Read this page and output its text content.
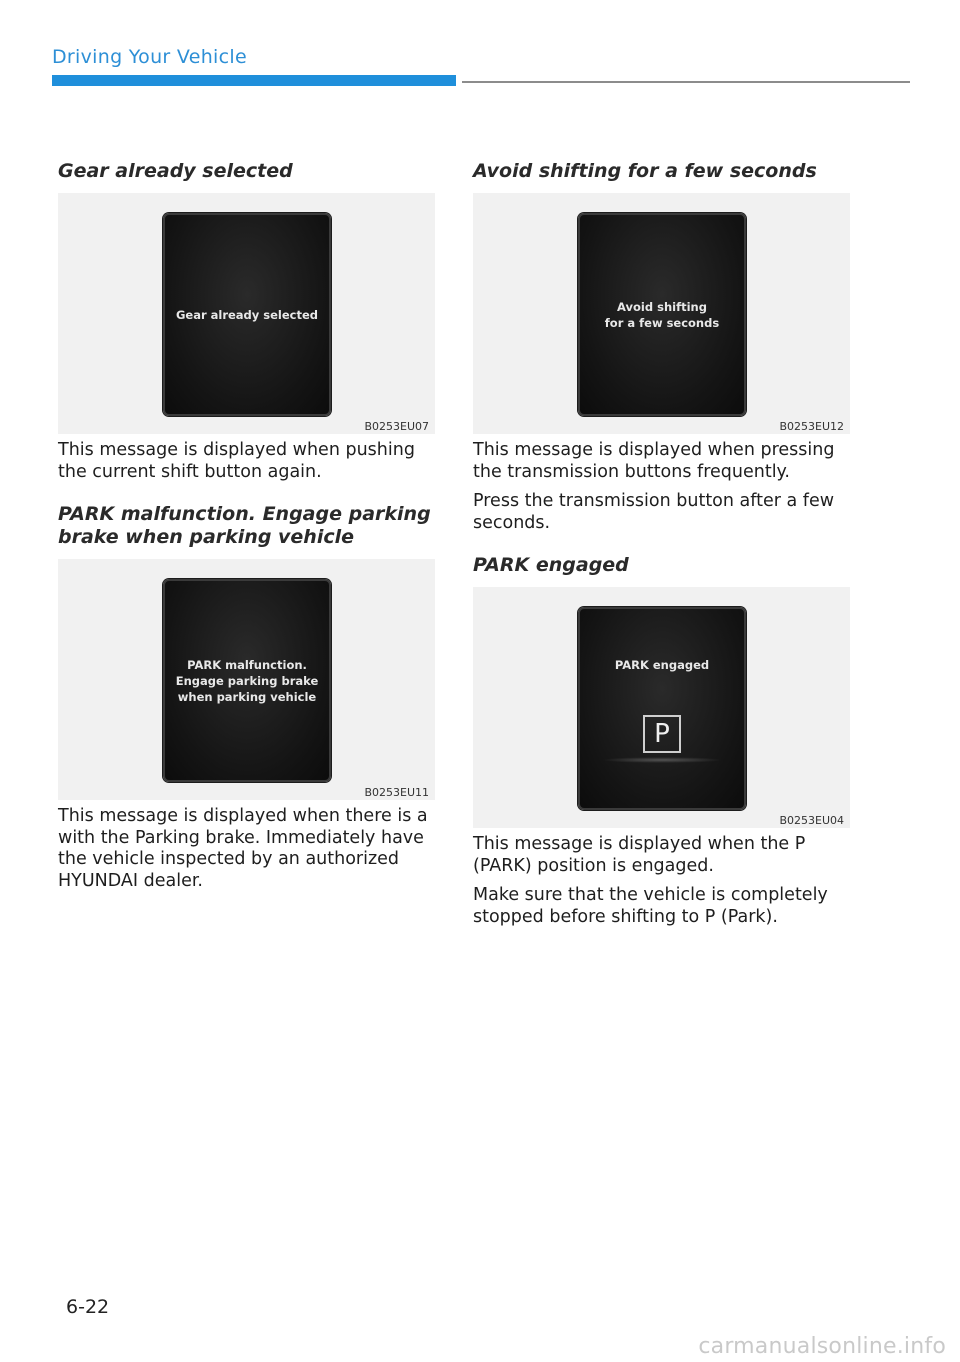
Driving Your Vehicle
Gear already selected
Gear already selected
B0253EU07

This message is displayed when pushing the current shift button again.

PARK malfunction. Engage parking brake when parking vehicle
PARK malfunction.
Engage parking brake
when parking vehicle
B0253EU11

This message is displayed when there is a with the Parking brake. Immediately have the vehicle inspected by an authorized HYUNDAI dealer.

Avoid shifting for a few seconds
Avoid shifting
for a few seconds
B0253EU12

This message is displayed when pressing the transmission buttons frequently.

Press the transmission button after a few seconds.

PARK engaged
PARK engaged
P
B0253EU04

This message is displayed when the P (PARK) position is engaged.

Make sure that the vehicle is completely stopped before shifting to P (Park).

6-22
carmanualsonline.info
